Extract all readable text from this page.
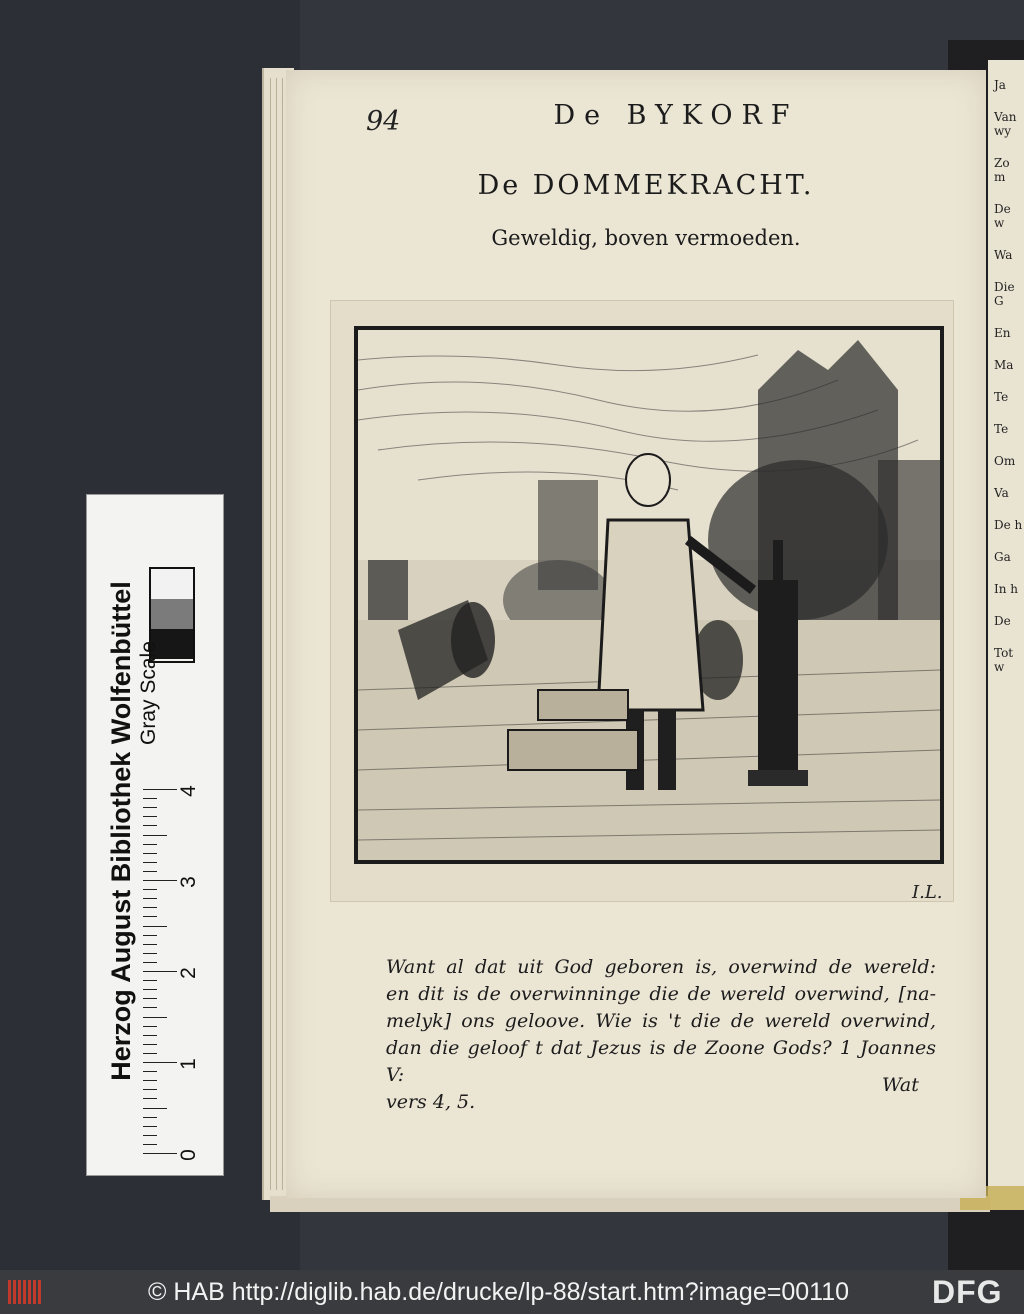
Ja
Van wy
Zo m
De w
Wa
Die G
En
Ma
Te
Te
Om
Va
De h
Ga
In h
De
Tot w
94	De BYKORF
De DOMMEKRACHT.
Geweldig, boven vermoeden.
I.L.

Want al dat uit God geboren is, overwind de wereld:

en dit is de overwinninge die de wereld overwind, [na-

melyk] ons geloove. Wie is 't die de wereld overwind,

dan die geloof t dat Jezus is de Zoone Gods? 1 Joannes V:

vers 4, 5.

Wat
Herzog August Bibliothek Wolfenbüttel Gray Scale
0
1
2
3
4
© HAB http://diglib.hab.de/drucke/lp-88/start.htm?image=00110	DFG
